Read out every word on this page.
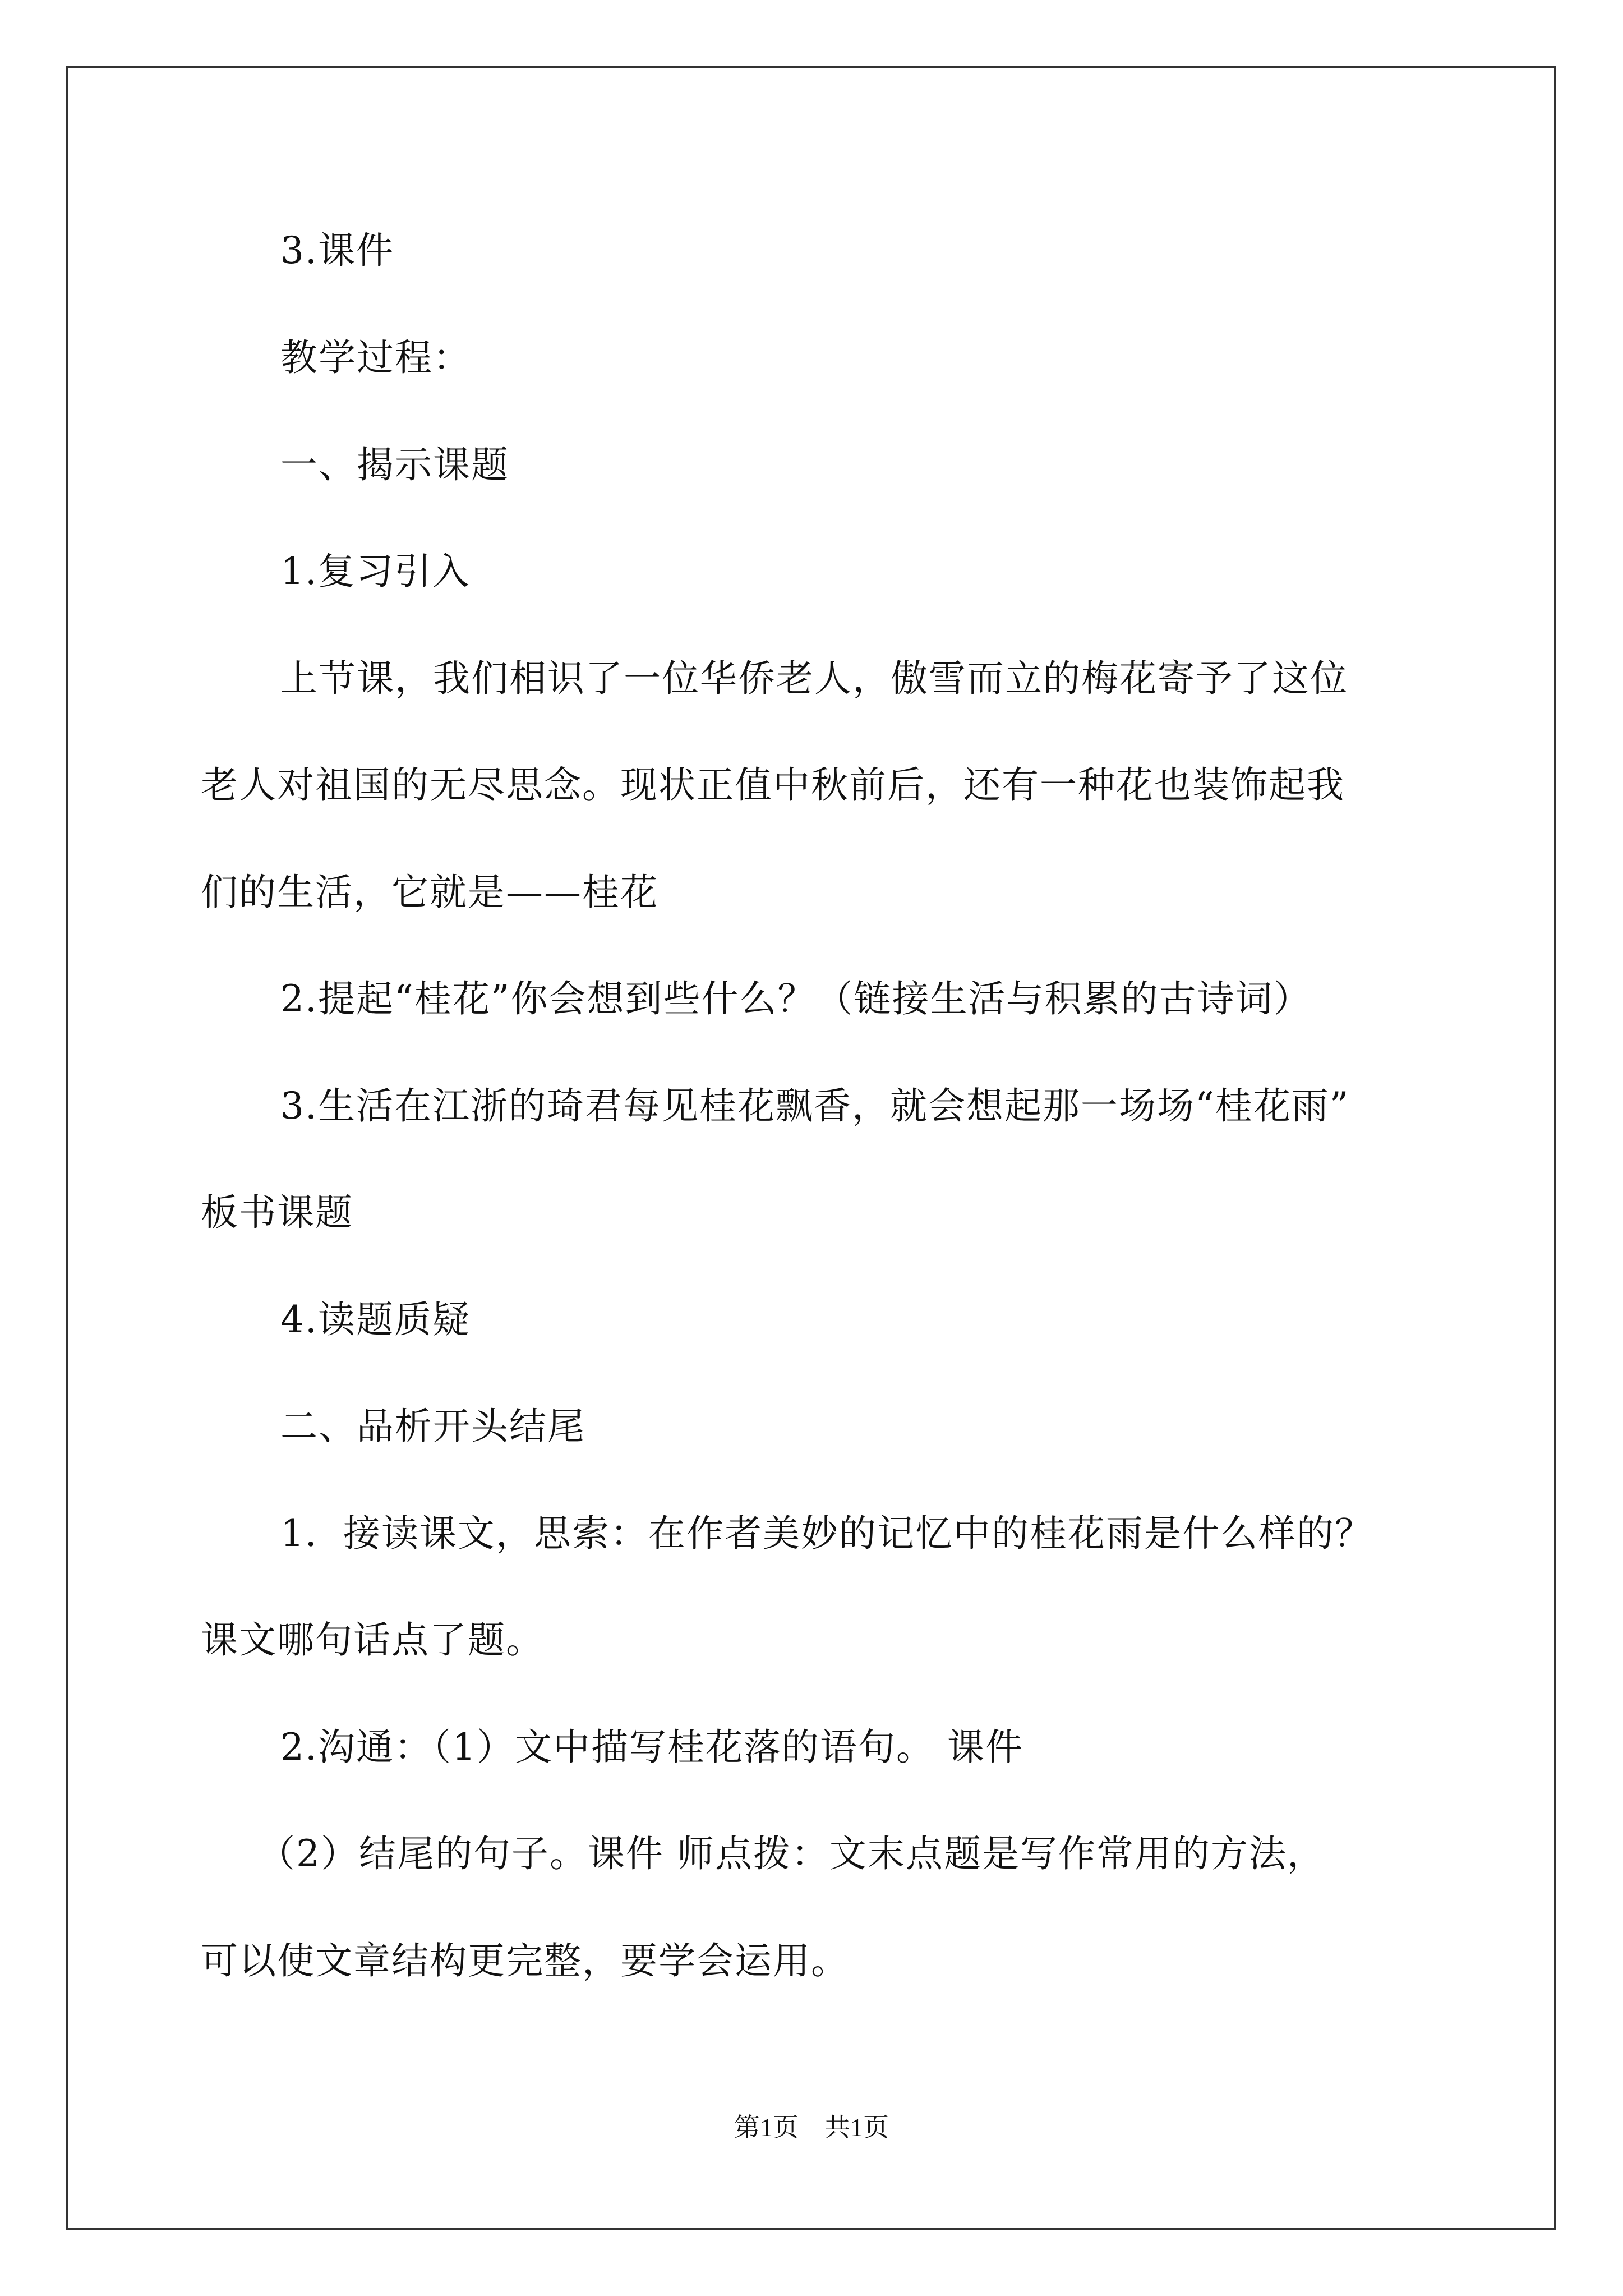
3.课件

教学过程：

一、揭示课题

1.复习引入

上节课，我们相识了一位华侨老人，傲雪而立的梅花寄予了这位

老人对祖国的无尽思念。现状正值中秋前后，还有一种花也装饰起我

们的生活，它就是——桂花

2.提起“桂花”你会想到些什么？（链接生活与积累的古诗词）

3.生活在江浙的琦君每见桂花飘香，就会想起那一场场“桂花雨”

板书课题

4.读题质疑

二、品析开头结尾

1．接读课文，思索：在作者美妙的记忆中的桂花雨是什么样的？

课文哪句话点了题。

2.沟通：（1）文中描写桂花落的语句。 课件

（2）结尾的句子。课件 师点拨：文末点题是写作常用的方法，

可以使文章结构更完整，要学会运用。

第1页　共1页
